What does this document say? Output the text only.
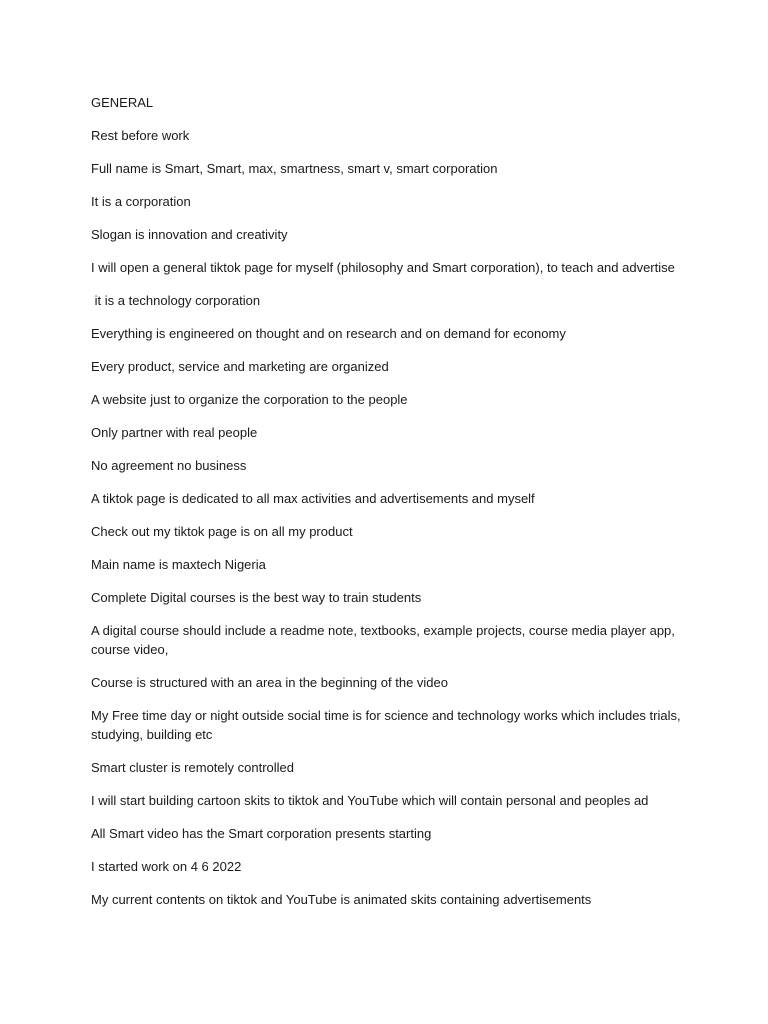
GENERAL

Rest before work

Full name is Smart, Smart, max, smartness, smart v, smart corporation

It is a corporation

Slogan is innovation and creativity

I will open a general tiktok page for myself (philosophy and Smart corporation), to teach and advertise

it is a technology corporation

Everything is engineered on thought and on research and on demand for economy

Every product, service and marketing are organized

A website just to organize the corporation to the people

Only partner with real people

No agreement no business

A tiktok page is dedicated to all max activities and advertisements and myself

Check out my tiktok page is on all my product

Main name is maxtech Nigeria

Complete Digital courses is the best way to train students

A digital course should include a readme note, textbooks, example projects, course media player app, course video,

Course is structured with an area in the beginning of the video

My Free time day or night outside social time is for science and technology works which includes trials, studying, building etc

Smart cluster is remotely controlled

I will start building cartoon skits to tiktok and YouTube which will contain personal and peoples ad

All Smart video has the Smart corporation presents starting

I started work on 4 6 2022

My current contents on tiktok and YouTube is animated skits containing advertisements
